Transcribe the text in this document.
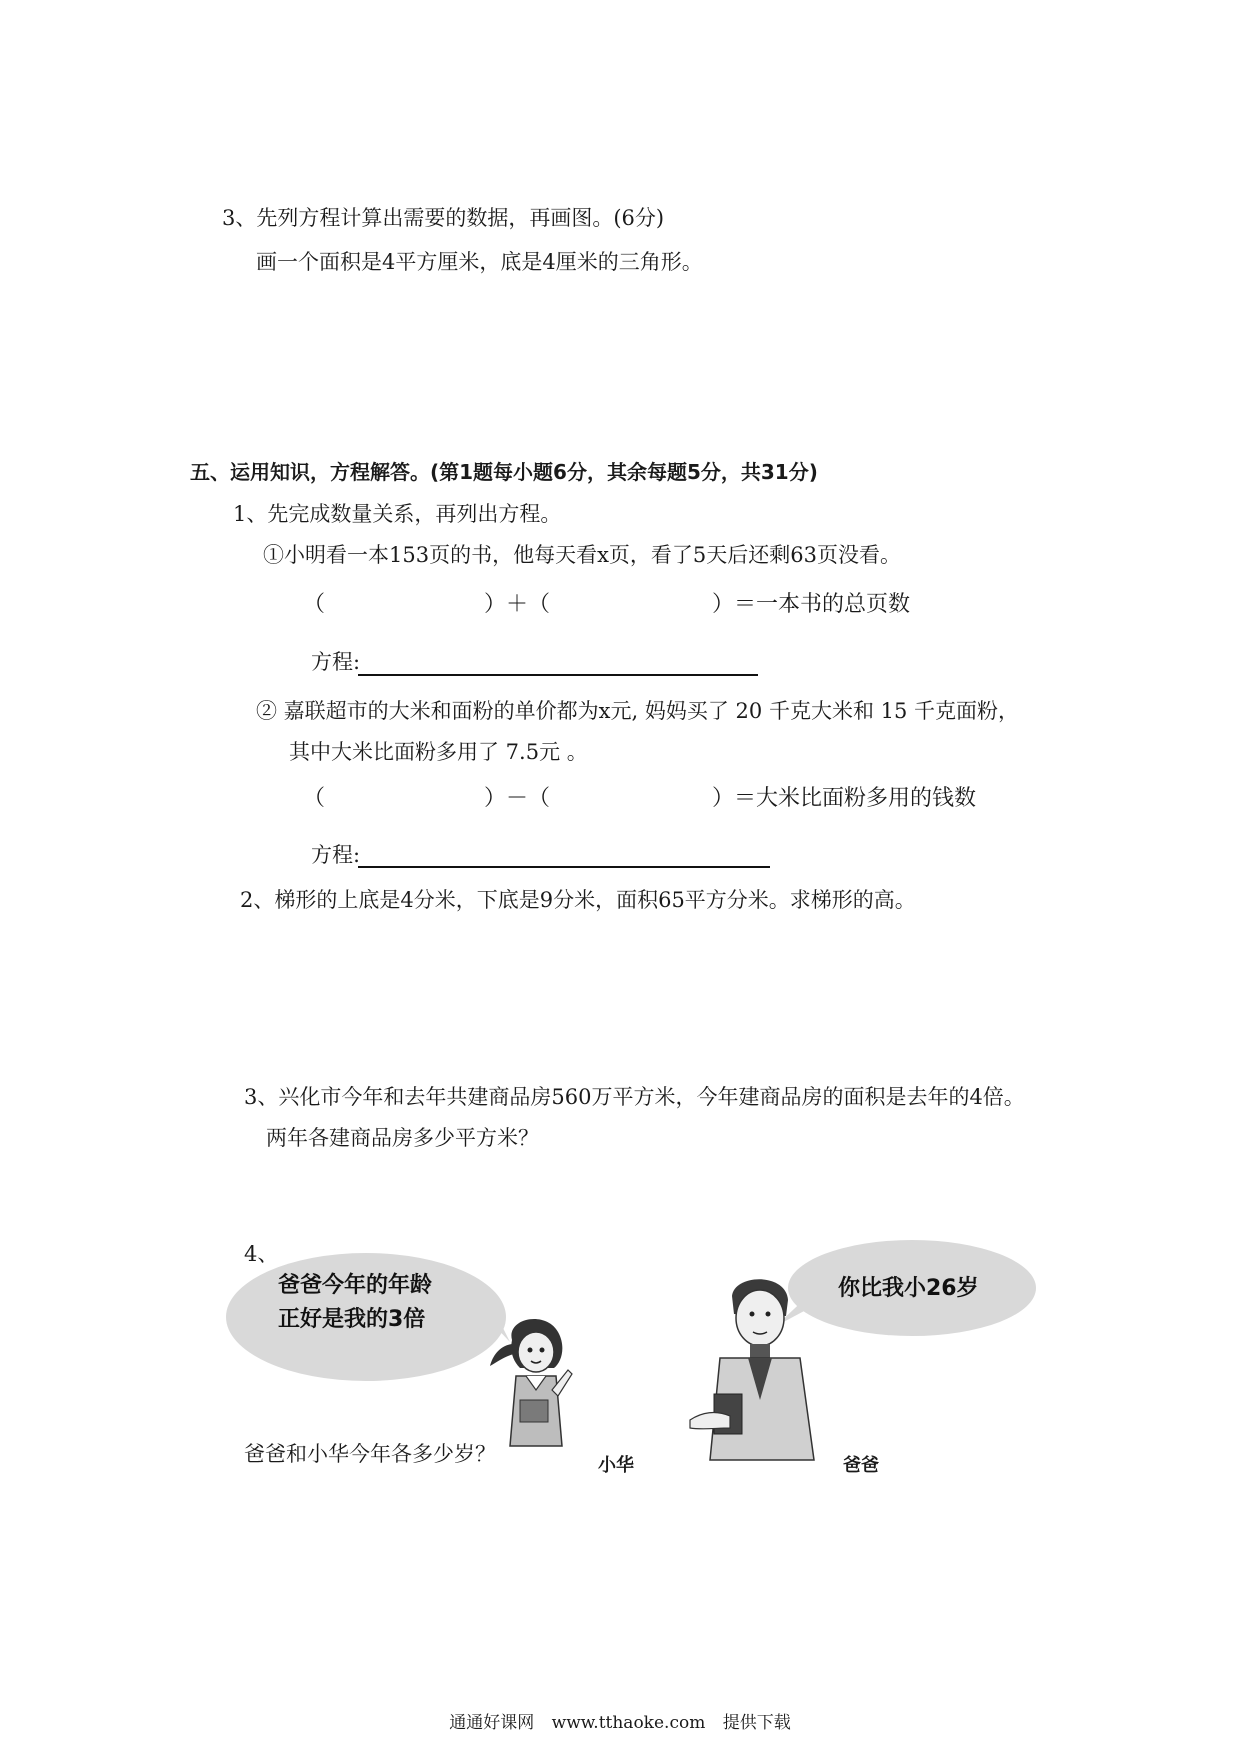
3、先列方程计算出需要的数据，再画图。(6分)
画一个面积是4平方厘米，底是4厘米的三角形。
五、运用知识，方程解答。(第1题每小题6分，其余每题5分，共31分)
1、先完成数量关系，再列出方程。
①小明看一本153页的书，他每天看x页，看了5天后还剩63页没看。
（	）＋（	）＝一本书的总页数
方程:
② 嘉联超市的大米和面粉的单价都为x元, 妈妈买了 20 千克大米和 15 千克面粉，
其中大米比面粉多用了 7.5元 。
（	）－（	）＝大米比面粉多用的钱数
方程:
2、梯形的上底是4分米，下底是9分米，面积65平方分米。求梯形的高。
3、兴化市今年和去年共建商品房560万平方米，今年建商品房的面积是去年的4倍。
两年各建商品房多少平方米？
4、
爸爸今年的年龄
正好是我的3倍
你比我小26岁
爸爸和小华今年各多少岁？	小华	爸爸
通通好课网 www.tthaoke.com 提供下载
